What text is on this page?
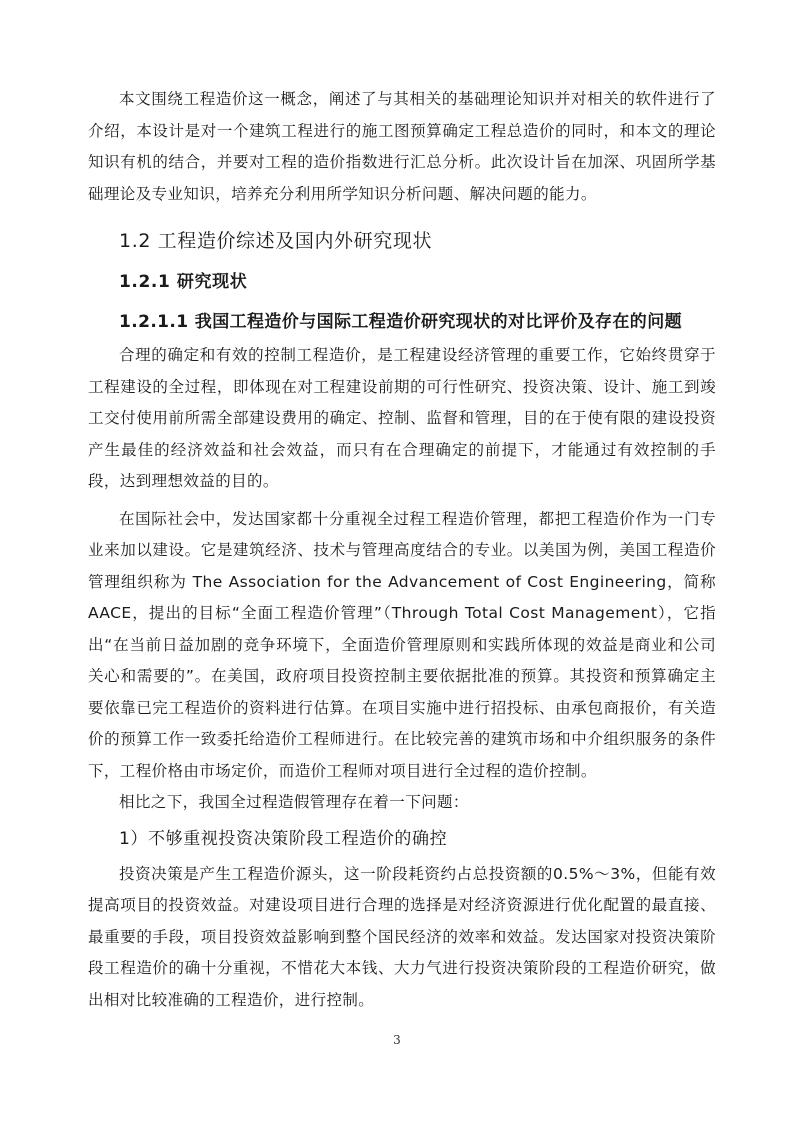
本文围绕工程造价这一概念，阐述了与其相关的基础理论知识并对相关的软件进行了介绍，本设计是对一个建筑工程进行的施工图预算确定工程总造价的同时，和本文的理论知识有机的结合，并要对工程的造价指数进行汇总分析。此次设计旨在加深、巩固所学基础理论及专业知识，培养充分利用所学知识分析问题、解决问题的能力。

1.2 工程造价综述及国内外研究现状
1.2.1 研究现状
1.2.1.1 我国工程造价与国际工程造价研究现状的对比评价及存在的问题

合理的确定和有效的控制工程造价，是工程建设经济管理的重要工作，它始终贯穿于工程建设的全过程，即体现在对工程建设前期的可行性研究、投资决策、设计、施工到竣工交付使用前所需全部建设费用的确定、控制、监督和管理，目的在于使有限的建设投资产生最佳的经济效益和社会效益，而只有在合理确定的前提下，才能通过有效控制的手段，达到理想效益的目的。

在国际社会中，发达国家都十分重视全过程工程造价管理，都把工程造价作为一门专业来加以建设。它是建筑经济、技术与管理高度结合的专业。以美国为例，美国工程造价管理组织称为 The Association for the Advancement of Cost Engineering，简称 AACE，提出的目标“全面工程造价管理”（Through Total Cost Management），它指出“在当前日益加剧的竞争环境下，全面造价管理原则和实践所体现的效益是商业和公司关心和需要的”。在美国，政府项目投资控制主要依据批准的预算。其投资和预算确定主要依靠已完工程造价的资料进行估算。在项目实施中进行招投标、由承包商报价，有关造价的预算工作一致委托给造价工程师进行。在比较完善的建筑市场和中介组织服务的条件下，工程价格由市场定价，而造价工程师对项目进行全过程的造价控制。

相比之下，我国全过程造假管理存在着一下问题：

1）不够重视投资决策阶段工程造价的确控

投资决策是产生工程造价源头，这一阶段耗资约占总投资额的0.5%～3%，但能有效提高项目的投资效益。对建设项目进行合理的选择是对经济资源进行优化配置的最直接、最重要的手段，项目投资效益影响到整个国民经济的效率和效益。发达国家对投资决策阶段工程造价的确十分重视，不惜花大本钱、大力气进行投资决策阶段的工程造价研究，做出相对比较准确的工程造价，进行控制。

3
